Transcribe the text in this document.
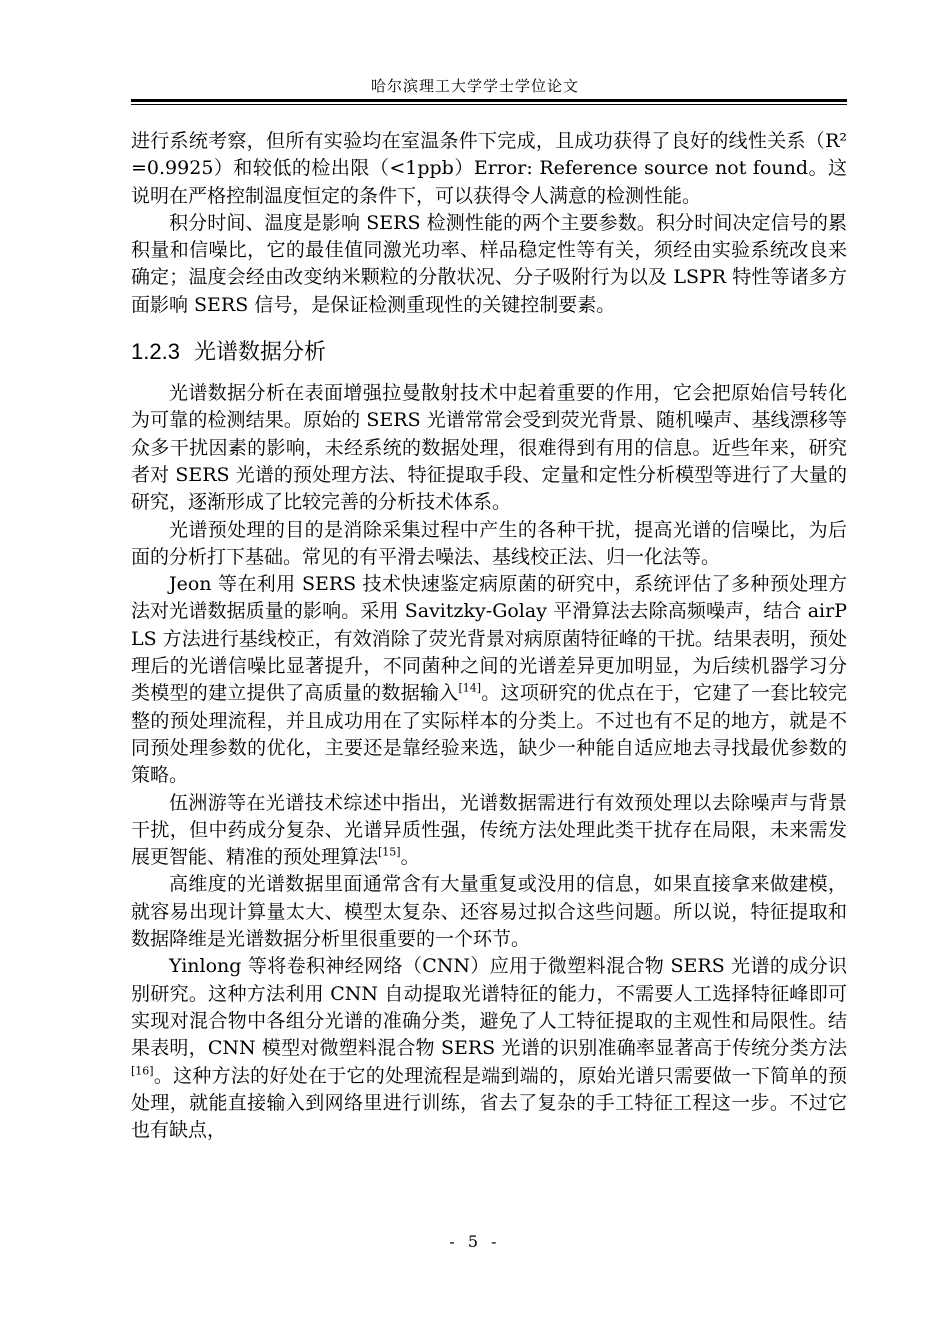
哈尔滨理工大学学士学位论文

进行系统考察，但所有实验均在室温条件下完成，且成功获得了良好的线性关系（R²=0.9925）和较低的检出限（<1ppb）Error: Reference source not found。这说明在严格控制温度恒定的条件下，可以获得令人满意的检测性能。

积分时间、温度是影响 SERS 检测性能的两个主要参数。积分时间决定信号的累积量和信噪比，它的最佳值同激光功率、样品稳定性等有关，须经由实验系统改良来确定；温度会经由改变纳米颗粒的分散状况、分子吸附行为以及 LSPR 特性等诸多方面影响 SERS 信号，是保证检测重现性的关键控制要素。

1.2.3 光谱数据分析

光谱数据分析在表面增强拉曼散射技术中起着重要的作用，它会把原始信号转化为可靠的检测结果。原始的 SERS 光谱常常会受到荧光背景、随机噪声、基线漂移等众多干扰因素的影响，未经系统的数据处理，很难得到有用的信息。近些年来，研究者对 SERS 光谱的预处理方法、特征提取手段、定量和定性分析模型等进行了大量的研究，逐渐形成了比较完善的分析技术体系。

光谱预处理的目的是消除采集过程中产生的各种干扰，提高光谱的信噪比，为后面的分析打下基础。常见的有平滑去噪法、基线校正法、归一化法等。

Jeon 等在利用 SERS 技术快速鉴定病原菌的研究中，系统评估了多种预处理方法对光谱数据质量的影响。采用 Savitzky-Golay 平滑算法去除高频噪声，结合 airPLS 方法进行基线校正，有效消除了荧光背景对病原菌特征峰的干扰。结果表明，预处理后的光谱信噪比显著提升，不同菌种之间的光谱差异更加明显，为后续机器学习分类模型的建立提供了高质量的数据输入[14]。这项研究的优点在于，它建了一套比较完整的预处理流程，并且成功用在了实际样本的分类上。不过也有不足的地方，就是不同预处理参数的优化，主要还是靠经验来选，缺少一种能自适应地去寻找最优参数的策略。

伍洲游等在光谱技术综述中指出，光谱数据需进行有效预处理以去除噪声与背景干扰，但中药成分复杂、光谱异质性强，传统方法处理此类干扰存在局限，未来需发展更智能、精准的预处理算法[15]。

高维度的光谱数据里面通常含有大量重复或没用的信息，如果直接拿来做建模，就容易出现计算量太大、模型太复杂、还容易过拟合这些问题。所以说，特征提取和数据降维是光谱数据分析里很重要的一个环节。

Yinlong 等将卷积神经网络（CNN）应用于微塑料混合物 SERS 光谱的成分识别研究。这种方法利用 CNN 自动提取光谱特征的能力，不需要人工选择特征峰即可实现对混合物中各组分光谱的准确分类，避免了人工特征提取的主观性和局限性。结果表明，CNN 模型对微塑料混合物 SERS 光谱的识别准确率显著高于传统分类方法[16]。这种方法的好处在于它的处理流程是端到端的，原始光谱只需要做一下简单的预处理，就能直接输入到网络里进行训练，省去了复杂的手工特征工程这一步。不过它也有缺点，

- 5 -
